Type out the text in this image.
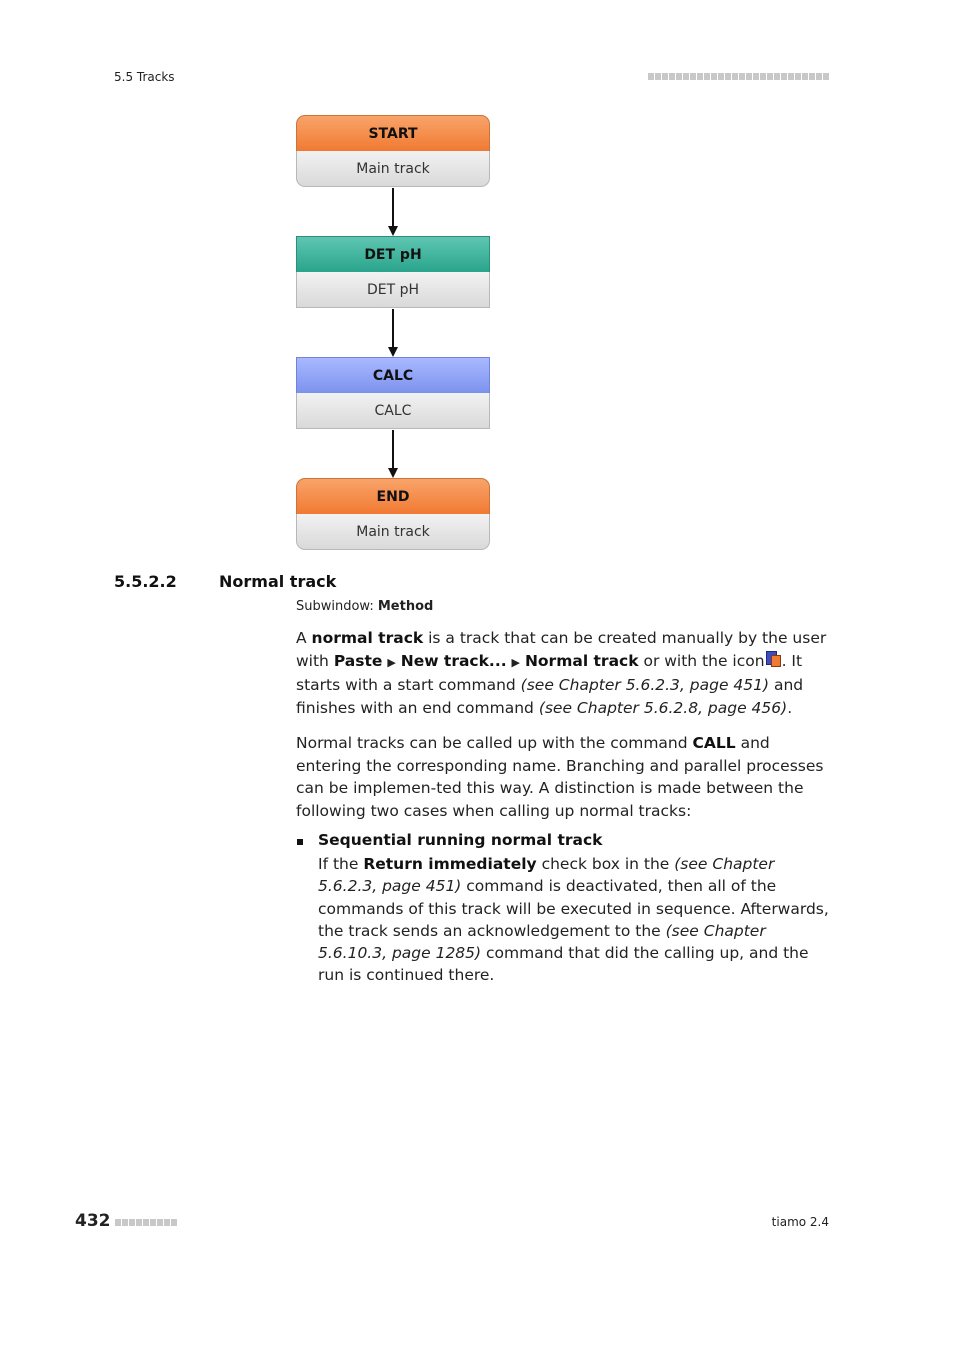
5.5 Tracks
START
Main track
DET pH
DET pH
CALC
CALC
END
Main track
5.5.2.2	Normal track
Subwindow: Method
A normal track is a track that can be created manually by the user with Paste ▶ New track... ▶ Normal track or with the icon . It starts with a start command (see Chapter 5.6.2.3, page 451) and finishes with an end command (see Chapter 5.6.2.8, page 456).
Normal tracks can be called up with the command CALL and entering the corresponding name. Branching and parallel processes can be implemen-ted this way. A distinction is made between the following two cases when calling up normal tracks:
Sequential running normal track
If the Return immediately check box in the (see Chapter 5.6.2.3, page 451) command is deactivated, then all of the commands of this track will be executed in sequence. Afterwards, the track sends an acknowledgement to the (see Chapter 5.6.10.3, page 1285) command that did the calling up, and the run is continued there.
432	tiamo 2.4
